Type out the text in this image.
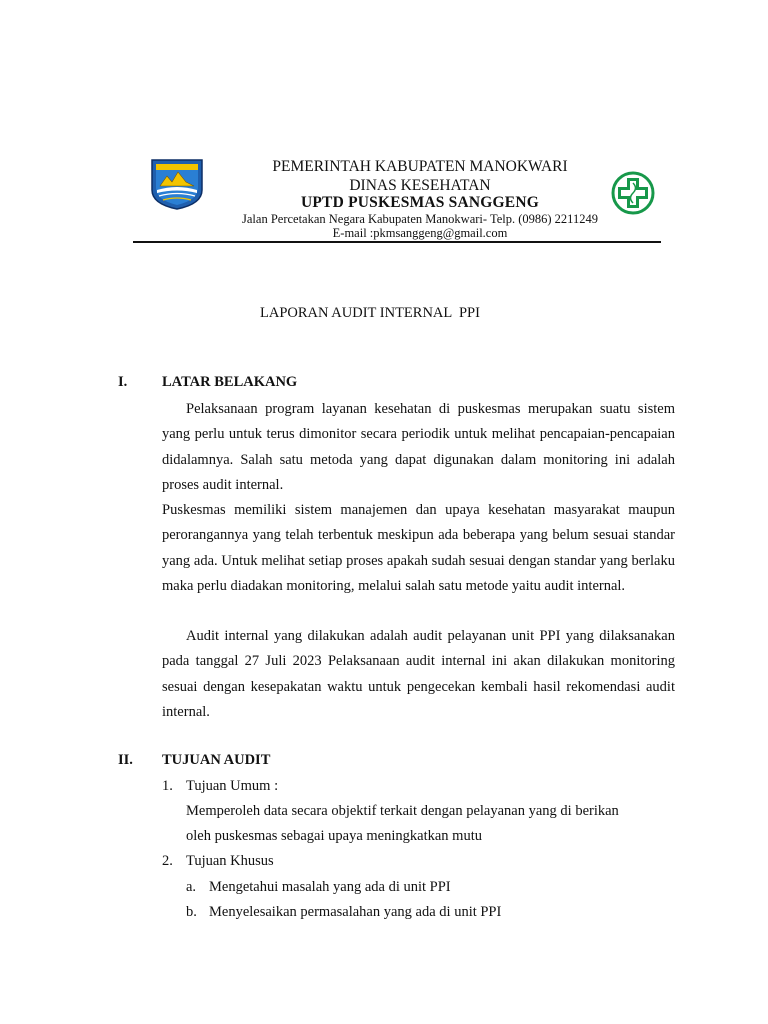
PEMERINTAH KABUPATEN MANOKWARI
DINAS KESEHATAN
UPTD PUSKESMAS SANGGENG
Jalan Percetakan Negara Kabupaten Manokwari- Telp. (0986) 2211249
E-mail :pkmsanggeng@gmail.com
LAPORAN AUDIT INTERNAL  PPI
I. LATAR BELAKANG

Pelaksanaan program layanan kesehatan di puskesmas merupakan suatu sistem yang perlu untuk terus dimonitor secara periodik untuk melihat pencapaian-pencapaian didalamnya. Salah satu metoda yang dapat digunakan dalam monitoring ini adalah proses audit internal.

Puskesmas memiliki sistem manajemen dan upaya kesehatan masyarakat maupun perorangannya yang telah terbentuk meskipun ada beberapa yang belum sesuai standar yang ada. Untuk melihat setiap proses apakah sudah sesuai dengan standar yang berlaku maka perlu diadakan monitoring, melalui salah satu metode yaitu audit internal.

Audit internal yang dilakukan adalah audit pelayanan unit PPI yang dilaksanakan pada tanggal 27 Juli 2023 Pelaksanaan audit internal ini akan dilakukan monitoring sesuai dengan kesepakatan waktu untuk pengecekan kembali hasil rekomendasi audit internal.

II. TUJUAN AUDIT
1. Tujuan Umum :
Memperoleh data secara objektif terkait dengan pelayanan yang di berikan
oleh puskesmas sebagai upaya meningkatkan mutu
2. Tujuan Khusus
a. Mengetahui masalah yang ada di unit PPI
b. Menyelesaikan permasalahan yang ada di unit PPI
